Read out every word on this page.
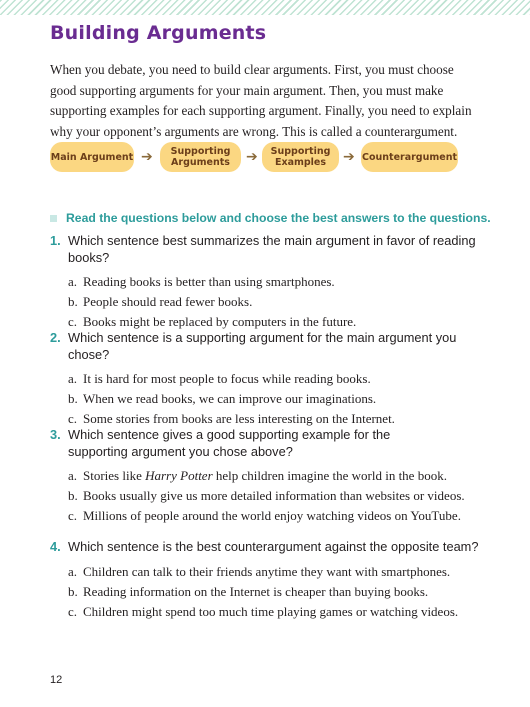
Building Arguments

When you debate, you need to build clear arguments. First, you must choose good supporting arguments for your main argument. Then, you must make supporting examples for each supporting argument. Finally, you need to explain why your opponent’s arguments are wrong. This is called a counterargument.

Main Argument ➔	Supporting Arguments	➔	Supporting Examples	➔ Counterargument
Read the questions below and choose the best answers to the questions.
1. Which sentence best summarizes the main argument in favor of reading books?
a. Reading books is better than using smartphones.
b. People should read fewer books.
c. Books might be replaced by computers in the future.
2. Which sentence is a supporting argument for the main argument you chose?
a. It is hard for most people to focus while reading books.
b. When we read books, we can improve our imaginations.
c. Some stories from books are less interesting on the Internet.
3. Which sentence gives a good supporting example for the supporting argument you chose above?
a. Stories like Harry Potter help children imagine the world in the book.
b. Books usually give us more detailed information than websites or videos.
c. Millions of people around the world enjoy watching videos on YouTube.
4. Which sentence is the best counterargument against the opposite team?
a. Children can talk to their friends anytime they want with smartphones.
b. Reading information on the Internet is cheaper than buying books.
c. Children might spend too much time playing games or watching videos.
12
